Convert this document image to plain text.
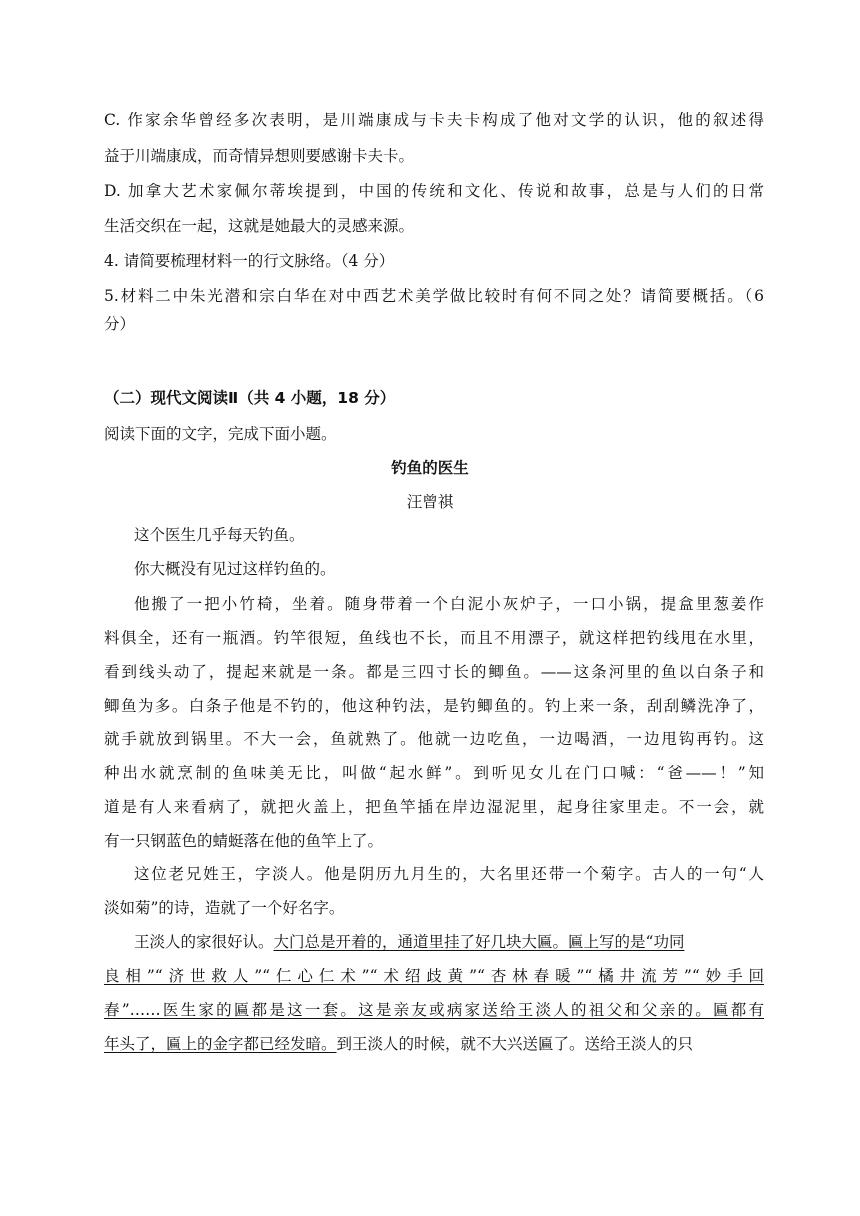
C. 作家余华曾经多次表明，是川端康成与卡夫卡构成了他对文学的认识，他的叙述得
益于川端康成，而奇情异想则要感谢卡夫卡。
D. 加拿大艺术家佩尔蒂埃提到，中国的传统和文化、传说和故事，总是与人们的日常
生活交织在一起，这就是她最大的灵感来源。
4. 请简要梳理材料一的行文脉络。（4 分）
5.材料二中朱光潜和宗白华在对中西艺术美学做比较时有何不同之处？请简要概括。（6
分）
（二）现代文阅读Ⅱ（共 4 小题，18 分）
阅读下面的文字，完成下面小题。
钓鱼的医生
汪曾祺
这个医生几乎每天钓鱼。
你大概没有见过这样钓鱼的。
他搬了一把小竹椅，坐着。随身带着一个白泥小灰炉子，一口小锅，提盒里葱姜作
料俱全，还有一瓶酒。钓竿很短，鱼线也不长，而且不用漂子，就这样把钓线甩在水里，
看到线头动了，提起来就是一条。都是三四寸长的鲫鱼。——这条河里的鱼以白条子和
鲫鱼为多。白条子他是不钓的，他这种钓法，是钓鲫鱼的。钓上来一条，刮刮鳞洗净了，
就手就放到锅里。不大一会，鱼就熟了。他就一边吃鱼，一边喝酒，一边甩钩再钓。这
种出水就烹制的鱼味美无比，叫做“起水鲜”。到听见女儿在门口喊：“爸——！”知
道是有人来看病了，就把火盖上，把鱼竿插在岸边湿泥里，起身往家里走。不一会，就
有一只钢蓝色的蜻蜓落在他的鱼竿上了。
这位老兄姓王，字淡人。他是阴历九月生的，大名里还带一个菊字。古人的一句“人
淡如菊”的诗，造就了一个好名字。
王淡人的家很好认。大门总是开着的，通道里挂了好几块大匾。匾上写的是“功同
良相”“济世救人”“仁心仁术”“术绍歧黄”“杏林春暖”“橘井流芳”“妙手回
春”……医生家的匾都是这一套。这是亲友或病家送给王淡人的祖父和父亲的。匾都有
年头了，匾上的金字都已经发暗。到王淡人的时候，就不大兴送匾了。送给王淡人的只
